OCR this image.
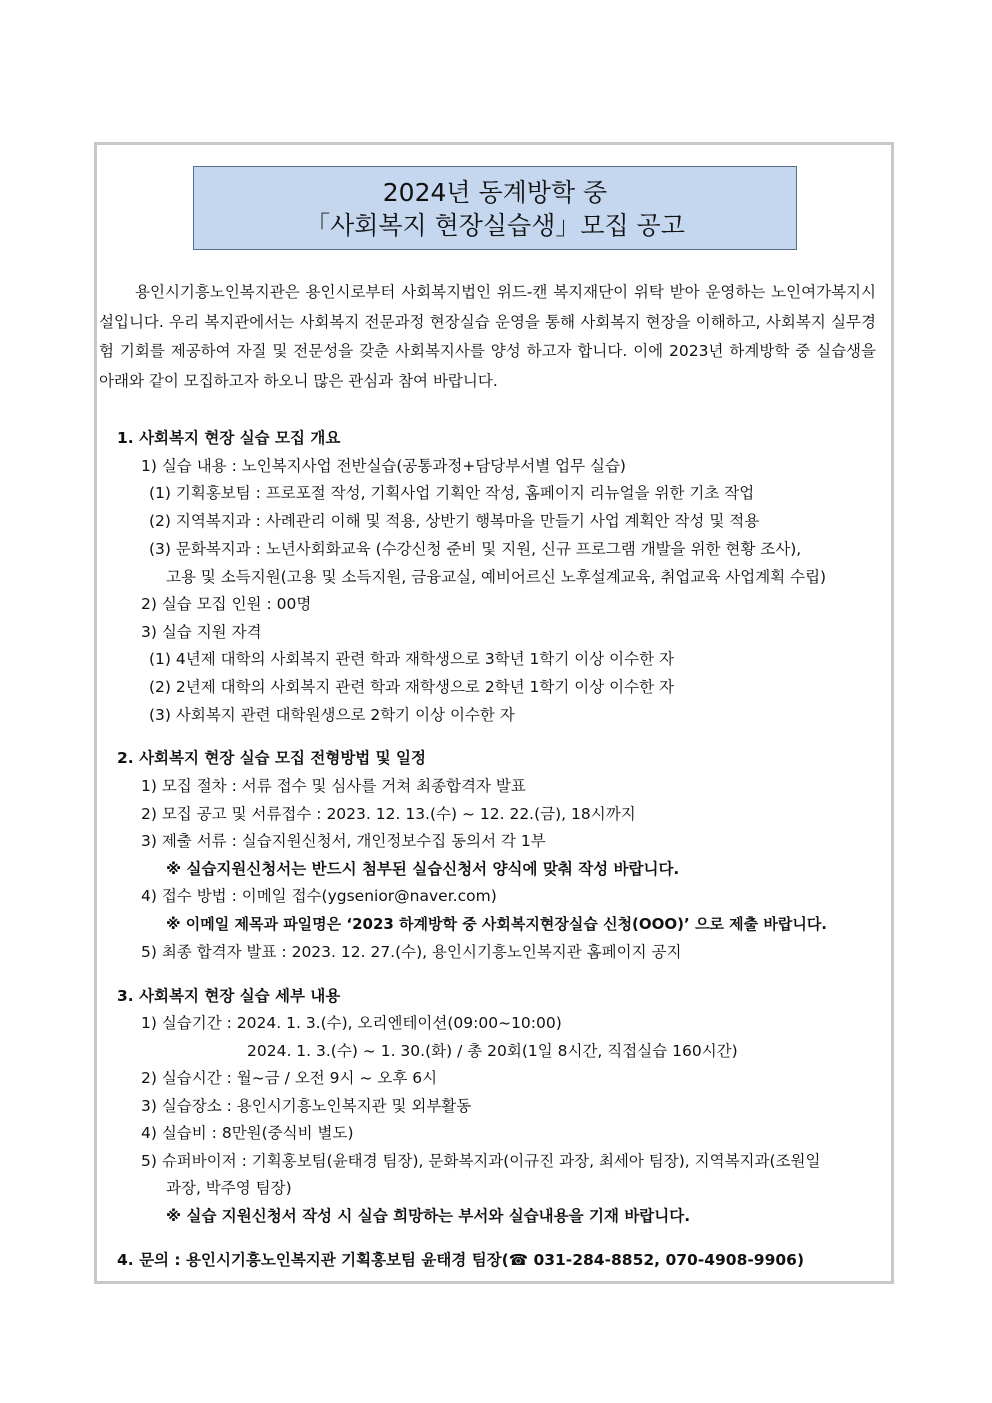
2024년 동계방학 중
「사회복지 현장실습생」모집 공고
용인시기흥노인복지관은 용인시로부터 사회복지법인 위드-캔 복지재단이 위탁 받아 운영하는 노인여가복지시설입니다. 우리 복지관에서는 사회복지 전문과정 현장실습 운영을 통해 사회복지 현장을 이해하고, 사회복지 실무경험 기회를 제공하여 자질 및 전문성을 갖춘 사회복지사를 양성 하고자 합니다. 이에 2023년 하계방학 중 실습생을 아래와 같이 모집하고자 하오니 많은 관심과 참여 바랍니다.
1. 사회복지 현장 실습 모집 개요
1) 실습 내용 : 노인복지사업 전반실습(공통과정+담당부서별 업무 실습)
(1) 기획홍보팀 : 프로포절 작성, 기획사업 기획안 작성, 홈페이지 리뉴얼을 위한 기초 작업
(2) 지역복지과 : 사례관리 이해 및 적용, 상반기 행복마을 만들기 사업 계획안 작성 및 적용
(3) 문화복지과 : 노년사회화교육 (수강신청 준비 및 지원, 신규 프로그램 개발을 위한 현황 조사),
고용 및 소득지원(고용 및 소득지원, 금융교실, 예비어르신 노후설계교육, 취업교육 사업계획 수립)
2) 실습 모집 인원 : 00명
3) 실습 지원 자격
(1) 4년제 대학의 사회복지 관련 학과 재학생으로 3학년 1학기 이상 이수한 자
(2) 2년제 대학의 사회복지 관련 학과 재학생으로 2학년 1학기 이상 이수한 자
(3) 사회복지 관련 대학원생으로 2학기 이상 이수한 자
2. 사회복지 현장 실습 모집 전형방법 및 일정
1) 모집 절차 : 서류 접수 및 심사를 거쳐 최종합격자 발표
2) 모집 공고 및 서류접수 : 2023. 12. 13.(수) ~ 12. 22.(금), 18시까지
3) 제출 서류 : 실습지원신청서, 개인정보수집 동의서 각 1부
※ 실습지원신청서는 반드시 첨부된 실습신청서 양식에 맞춰 작성 바랍니다.
4) 접수 방법 : 이메일 접수(ygsenior@naver.com)
※ 이메일 제목과 파일명은 ‘2023 하계방학 중 사회복지현장실습 신청(OOO)’ 으로 제출 바랍니다.
5) 최종 합격자 발표 : 2023. 12. 27.(수), 용인시기흥노인복지관 홈페이지 공지
3. 사회복지 현장 실습 세부 내용
1) 실습기간 : 2024. 1. 3.(수), 오리엔테이션(09:00~10:00)
2024. 1. 3.(수) ~ 1. 30.(화) / 총 20회(1일 8시간, 직접실습 160시간)
2) 실습시간 : 월~금 / 오전 9시 ~ 오후 6시
3) 실습장소 : 용인시기흥노인복지관 및 외부활동
4) 실습비 : 8만원(중식비 별도)
5) 슈퍼바이저 : 기획홍보팀(윤태경 팀장), 문화복지과(이규진 과장, 최세아 팀장), 지역복지과(조원일
과장, 박주영 팀장)
※ 실습 지원신청서 작성 시 실습 희망하는 부서와 실습내용을 기재 바랍니다.
4. 문의 : 용인시기흥노인복지관 기획홍보팀 윤태경 팀장(☎ 031-284-8852, 070-4908-9906)
